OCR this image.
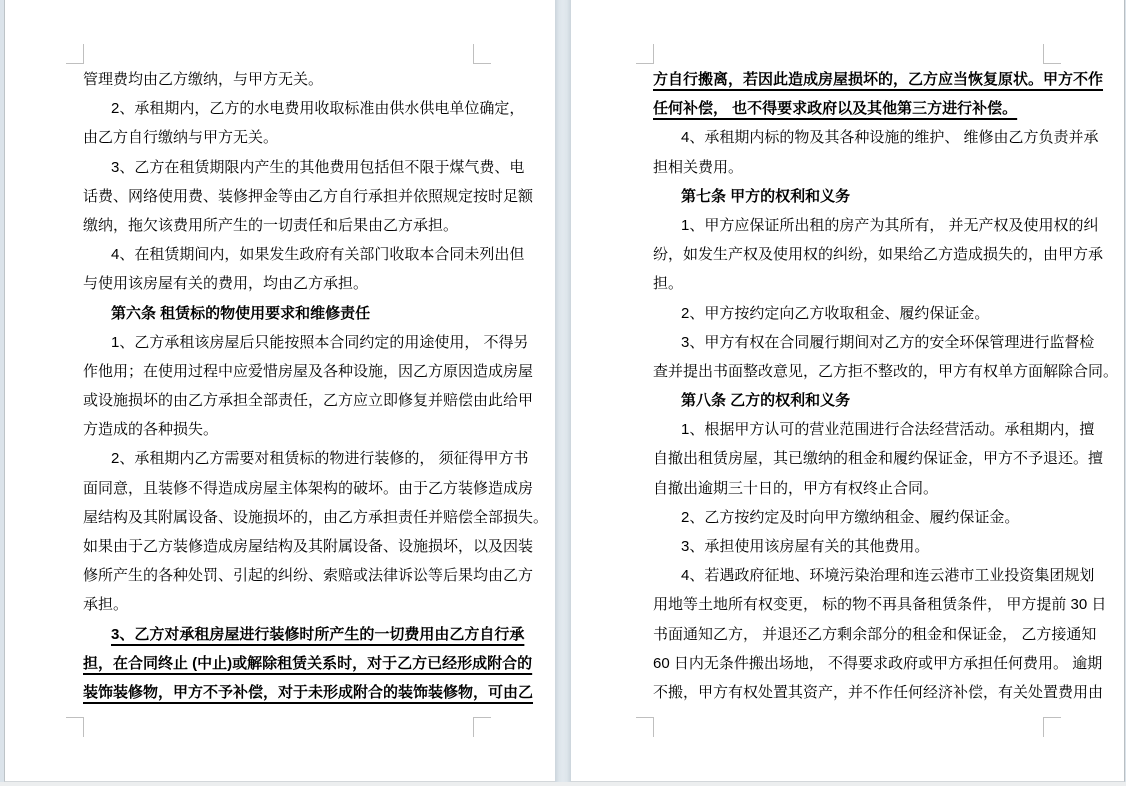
管理费均由乙方缴纳，与甲方无关。
2、承租期内，乙方的水电费用收取标准由供水供电单位确定，
由乙方自行缴纳与甲方无关。
3、乙方在租赁期限内产生的其他费用包括但不限于煤气费、电
话费、网络使用费、装修押金等由乙方自行承担并依照规定按时足额
缴纳，拖欠该费用所产生的一切责任和后果由乙方承担。
4、在租赁期间内，如果发生政府有关部门收取本合同未列出但
与使用该房屋有关的费用，均由乙方承担。
第六条 租赁标的物使用要求和维修责任
1、乙方承租该房屋后只能按照本合同约定的用途使用， 不得另
作他用；在使用过程中应爱惜房屋及各种设施，因乙方原因造成房屋
或设施损坏的由乙方承担全部责任，乙方应立即修复并赔偿由此给甲
方造成的各种损失。
2、承租期内乙方需要对租赁标的物进行装修的， 须征得甲方书
面同意，且装修不得造成房屋主体架构的破坏。由于乙方装修造成房
屋结构及其附属设备、设施损坏的，由乙方承担责任并赔偿全部损失。
如果由于乙方装修造成房屋结构及其附属设备、设施损坏，以及因装
修所产生的各种处罚、引起的纠纷、索赔或法律诉讼等后果均由乙方
承担。
3、乙方对承租房屋进行装修时所产生的一切费用由乙方自行承
担，在合同终止 (中止)或解除租赁关系时，对于乙方已经形成附合的
装饰装修物，甲方不予补偿，对于未形成附合的装饰装修物，可由乙
方自行搬离，若因此造成房屋损坏的，乙方应当恢复原状。甲方不作
任何补偿， 也不得要求政府以及其他第三方进行补偿。
4、承租期内标的物及其各种设施的维护、 维修由乙方负责并承
担相关费用。
第七条 甲方的权利和义务
1、甲方应保证所出租的房产为其所有， 并无产权及使用权的纠
纷，如发生产权及使用权的纠纷，如果给乙方造成损失的，由甲方承
担。
2、甲方按约定向乙方收取租金、履约保证金。
3、甲方有权在合同履行期间对乙方的安全环保管理进行监督检
查并提出书面整改意见，乙方拒不整改的，甲方有权单方面解除合同。
第八条 乙方的权利和义务
1、根据甲方认可的营业范围进行合法经营活动。承租期内，擅
自撤出租赁房屋，其已缴纳的租金和履约保证金，甲方不予退还。擅
自撤出逾期三十日的，甲方有权终止合同。
2、乙方按约定及时向甲方缴纳租金、履约保证金。
3、承担使用该房屋有关的其他费用。
4、若遇政府征地、环境污染治理和连云港市工业投资集团规划
用地等土地所有权变更， 标的物不再具备租赁条件， 甲方提前 30 日
书面通知乙方， 并退还乙方剩余部分的租金和保证金， 乙方接通知
60 日内无条件搬出场地， 不得要求政府或甲方承担任何费用。 逾期
不搬，甲方有权处置其资产，并不作任何经济补偿，有关处置费用由
